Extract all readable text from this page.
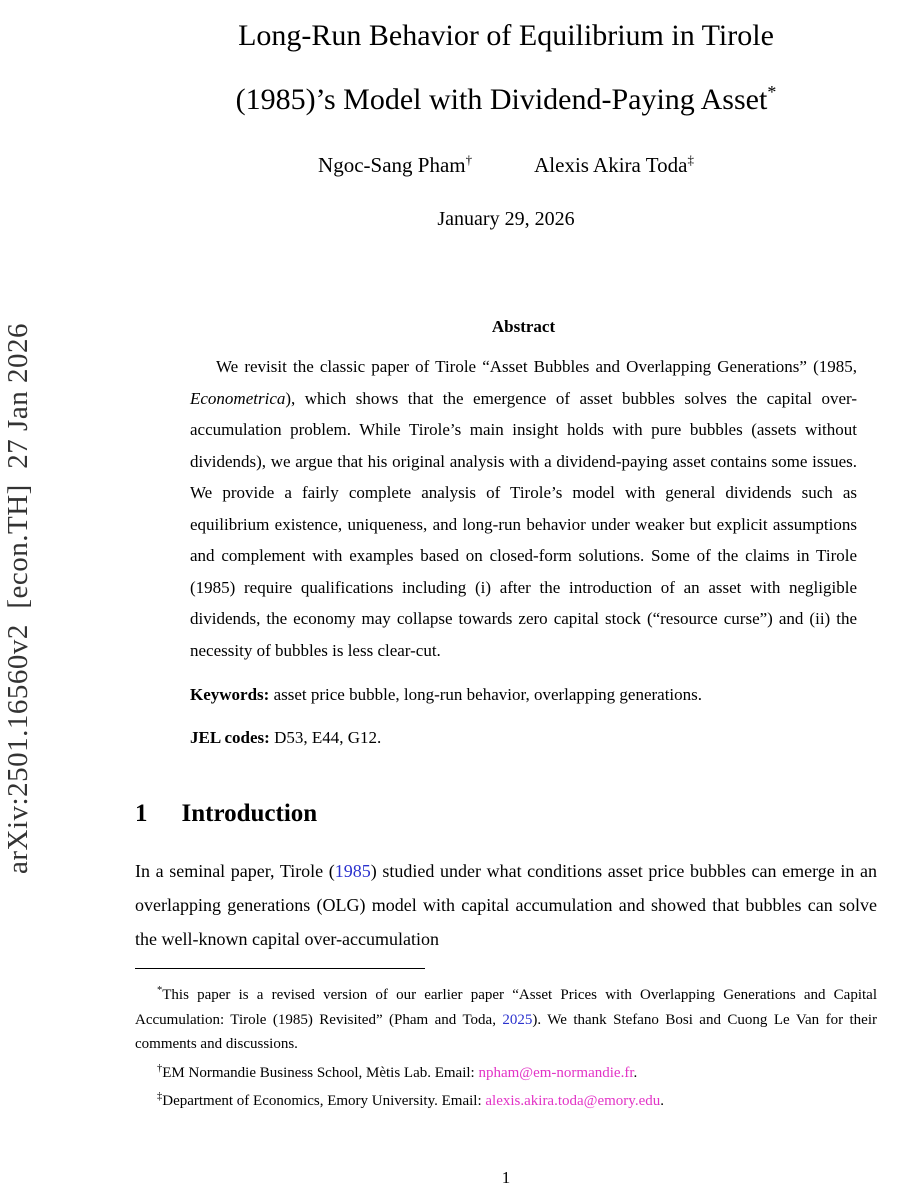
arXiv:2501.16560v2  [econ.TH]  27 Jan 2026
Long-Run Behavior of Equilibrium in Tirole
(1985)’s Model with Dividend-Paying Asset*
Ngoc-Sang Pham†	Alexis Akira Toda‡
January 29, 2026
Abstract

We revisit the classic paper of Tirole “Asset Bubbles and Overlapping Generations” (1985, Econometrica), which shows that the emergence of asset bubbles solves the capital over-accumulation problem. While Tirole’s main insight holds with pure bubbles (assets without dividends), we argue that his original analysis with a dividend-paying asset contains some issues. We provide a fairly complete analysis of Tirole’s model with general dividends such as equilibrium existence, uniqueness, and long-run behavior under weaker but explicit assumptions and complement with examples based on closed-form solutions. Some of the claims in Tirole (1985) require qualifications including (i) after the introduction of an asset with negligible dividends, the economy may collapse towards zero capital stock (“resource curse”) and (ii) the necessity of bubbles is less clear-cut.

Keywords: asset price bubble, long-run behavior, overlapping generations.

JEL codes: D53, E44, G12.

1 Introduction

In a seminal paper, Tirole (1985) studied under what conditions asset price bubbles can emerge in an overlapping generations (OLG) model with capital accumulation and showed that bubbles can solve the well-known capital over-accumulation

*This paper is a revised version of our earlier paper “Asset Prices with Overlapping Generations and Capital Accumulation: Tirole (1985) Revisited” (Pham and Toda, 2025). We thank Stefano Bosi and Cuong Le Van for their comments and discussions.

†EM Normandie Business School, Mètis Lab. Email: npham@em-normandie.fr.

‡Department of Economics, Emory University. Email: alexis.akira.toda@emory.edu.

1
